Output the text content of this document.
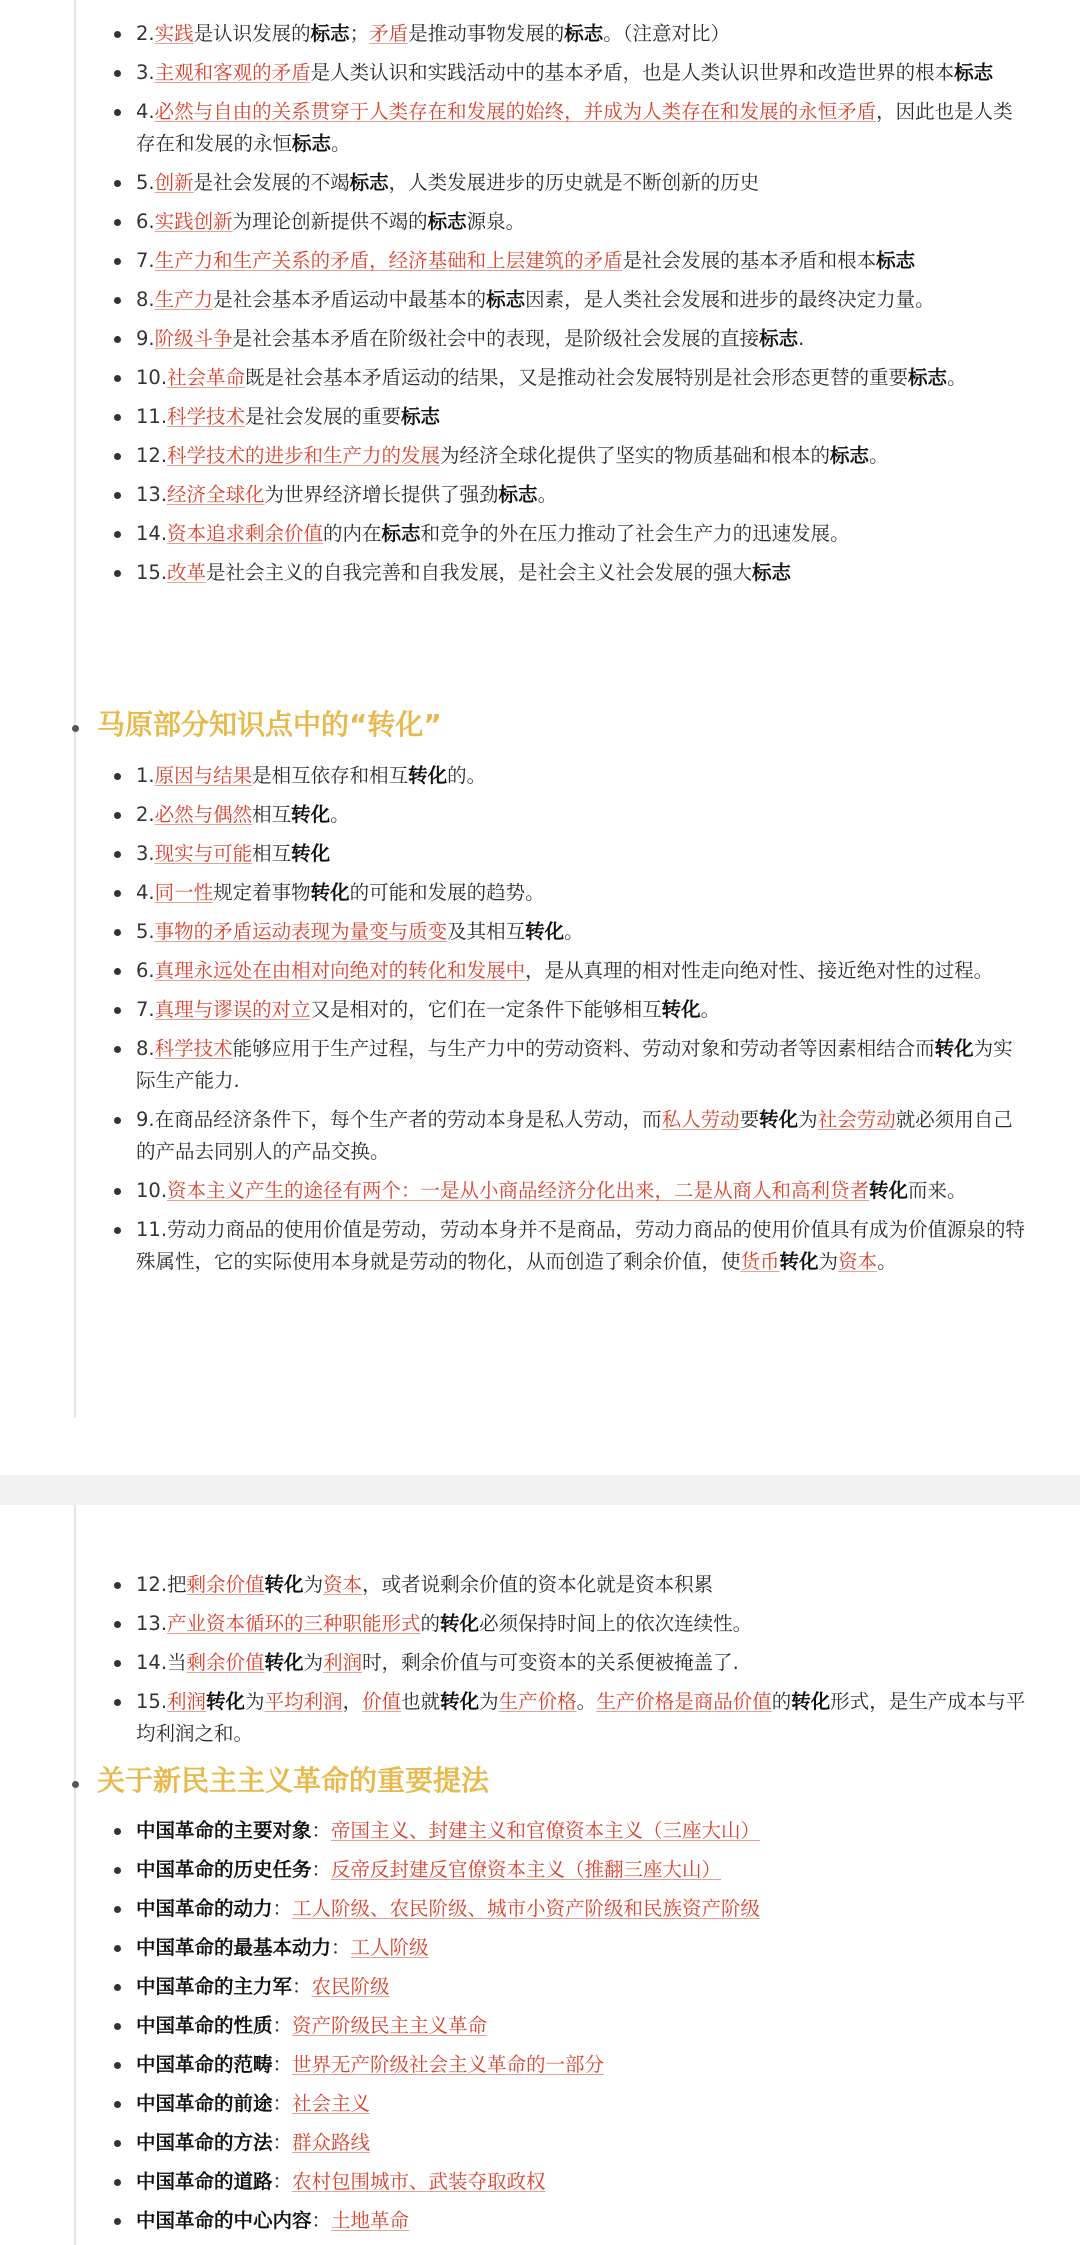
2.实践是认识发展的标志；矛盾是推动事物发展的标志。（注意对比）
3.主观和客观的矛盾是人类认识和实践活动中的基本矛盾，也是人类认识世界和改造世界的根本标志
4.必然与自由的关系贯穿于人类存在和发展的始终，并成为人类存在和发展的永恒矛盾，因此也是人类存在和发展的永恒标志。
5.创新是社会发展的不竭标志，人类发展进步的历史就是不断创新的历史
6.实践创新为理论创新提供不竭的标志源泉。
7.生产力和生产关系的矛盾，经济基础和上层建筑的矛盾是社会发展的基本矛盾和根本标志
8.生产力是社会基本矛盾运动中最基本的标志因素，是人类社会发展和进步的最终决定力量。
9.阶级斗争是社会基本矛盾在阶级社会中的表现，是阶级社会发展的直接标志.
10.社会革命既是社会基本矛盾运动的结果，又是推动社会发展特别是社会形态更替的重要标志。
11.科学技术是社会发展的重要标志
12.科学技术的进步和生产力的发展为经济全球化提供了坚实的物质基础和根本的标志。
13.经济全球化为世界经济增长提供了强劲标志。
14.资本追求剩余价值的内在标志和竞争的外在压力推动了社会生产力的迅速发展。
15.改革是社会主义的自我完善和自我发展，是社会主义社会发展的强大标志
马原部分知识点中的“转化”
1.原因与结果是相互依存和相互转化的。
2.必然与偶然相互转化。
3.现实与可能相互转化
4.同一性规定着事物转化的可能和发展的趋势。
5.事物的矛盾运动表现为量变与质变及其相互转化。
6.真理永远处在由相对向绝对的转化和发展中，是从真理的相对性走向绝对性、接近绝对性的过程。
7.真理与谬误的对立又是相对的，它们在一定条件下能够相互转化。
8.科学技术能够应用于生产过程，与生产力中的劳动资料、劳动对象和劳动者等因素相结合而转化为实际生产能力.
9.在商品经济条件下，每个生产者的劳动本身是私人劳动，而私人劳动要转化为社会劳动就必须用自己的产品去同别人的产品交换。
10.资本主义产生的途径有两个：一是从小商品经济分化出来，二是从商人和高利贷者转化而来。
11.劳动力商品的使用价值是劳动，劳动本身并不是商品，劳动力商品的使用价值具有成为价值源泉的特殊属性，它的实际使用本身就是劳动的物化，从而创造了剩余价值，使货币转化为资本。
12.把剩余价值转化为资本，或者说剩余价值的资本化就是资本积累
13.产业资本循环的三种职能形式的转化必须保持时间上的依次连续性。
14.当剩余价值转化为利润时，剩余价值与可变资本的关系便被掩盖了.
15.利润转化为平均利润，价值也就转化为生产价格。生产价格是商品价值的转化形式，是生产成本与平均利润之和。
关于新民主主义革命的重要提法
中国革命的主要对象：帝国主义、封建主义和官僚资本主义（三座大山）
中国革命的历史任务：反帝反封建反官僚资本主义（推翻三座大山）
中国革命的动力：工人阶级、农民阶级、城市小资产阶级和民族资产阶级
中国革命的最基本动力：工人阶级
中国革命的主力军：农民阶级
中国革命的性质：资产阶级民主主义革命
中国革命的范畴：世界无产阶级社会主义革命的一部分
中国革命的前途：社会主义
中国革命的方法：群众路线
中国革命的道路：农村包围城市、武装夺取政权
中国革命的中心内容：土地革命
